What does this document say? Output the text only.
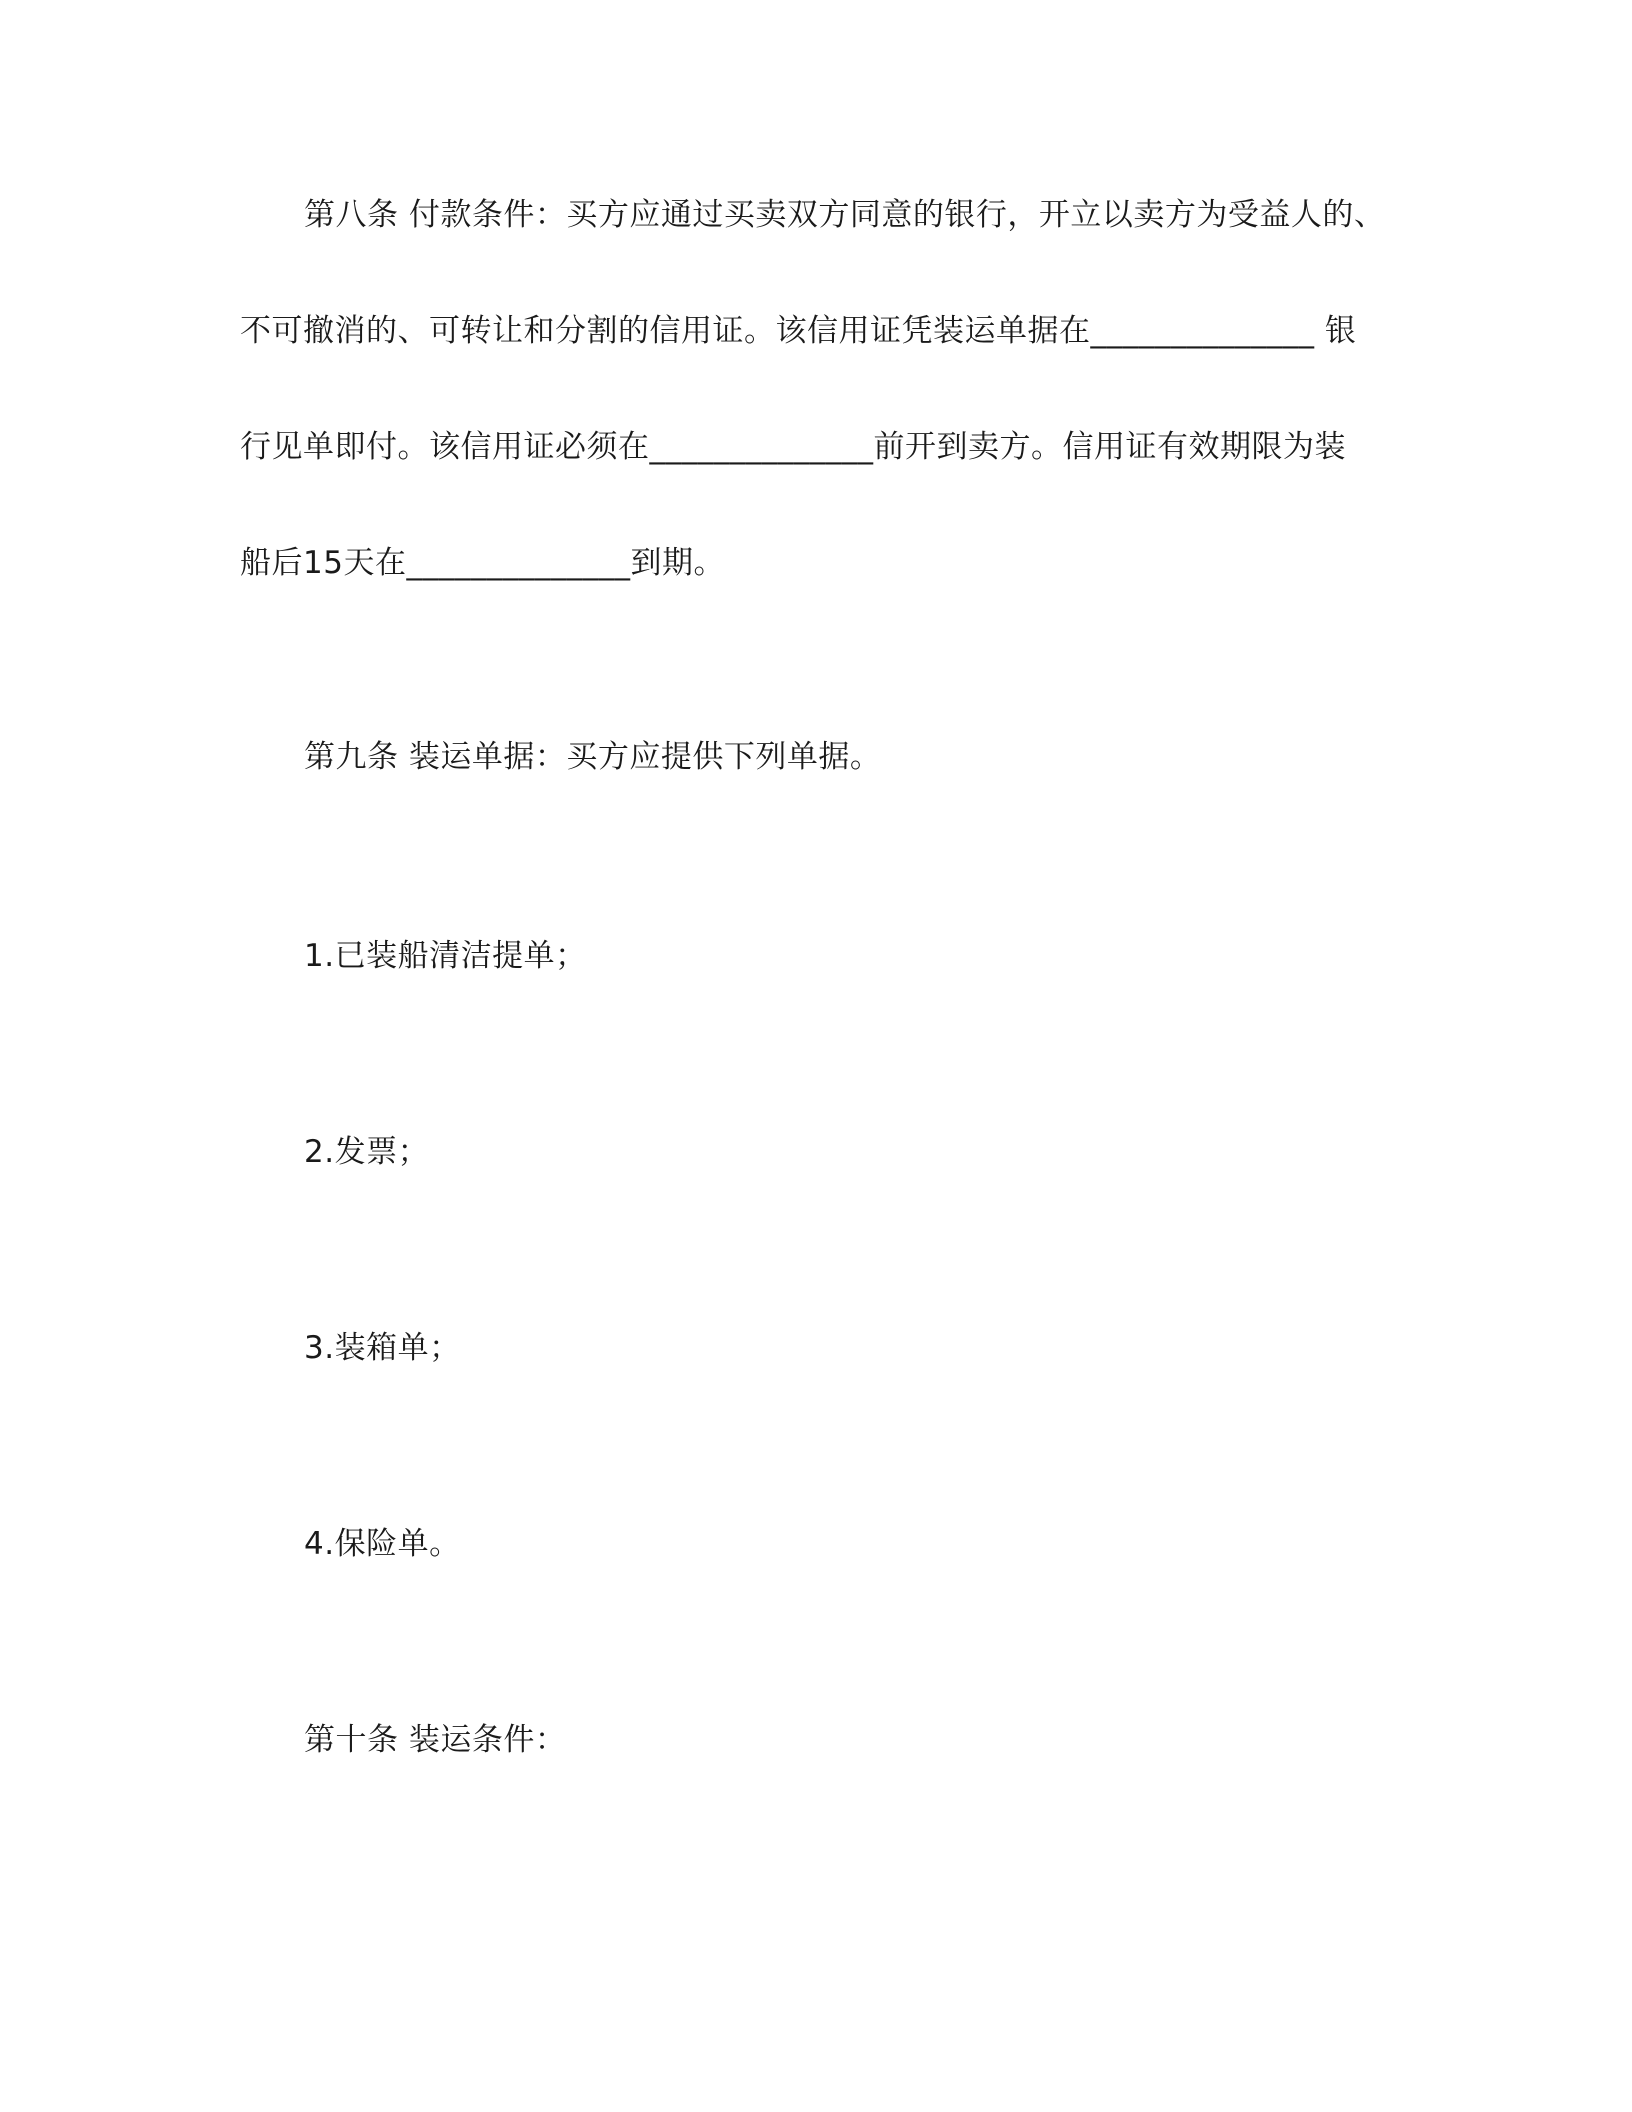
第八条 付款条件：买方应通过买卖双方同意的银行，开立以卖方为受益人的、
不可撤消的、可转让和分割的信用证。该信用证凭装运单据在______________ 银
行见单即付。该信用证必须在______________前开到卖方。信用证有效期限为装
船后15天在______________到期。
第九条 装运单据：买方应提供下列单据。
1.已装船清洁提单；
2.发票；
3.装箱单；
4.保险单。
第十条 装运条件：
